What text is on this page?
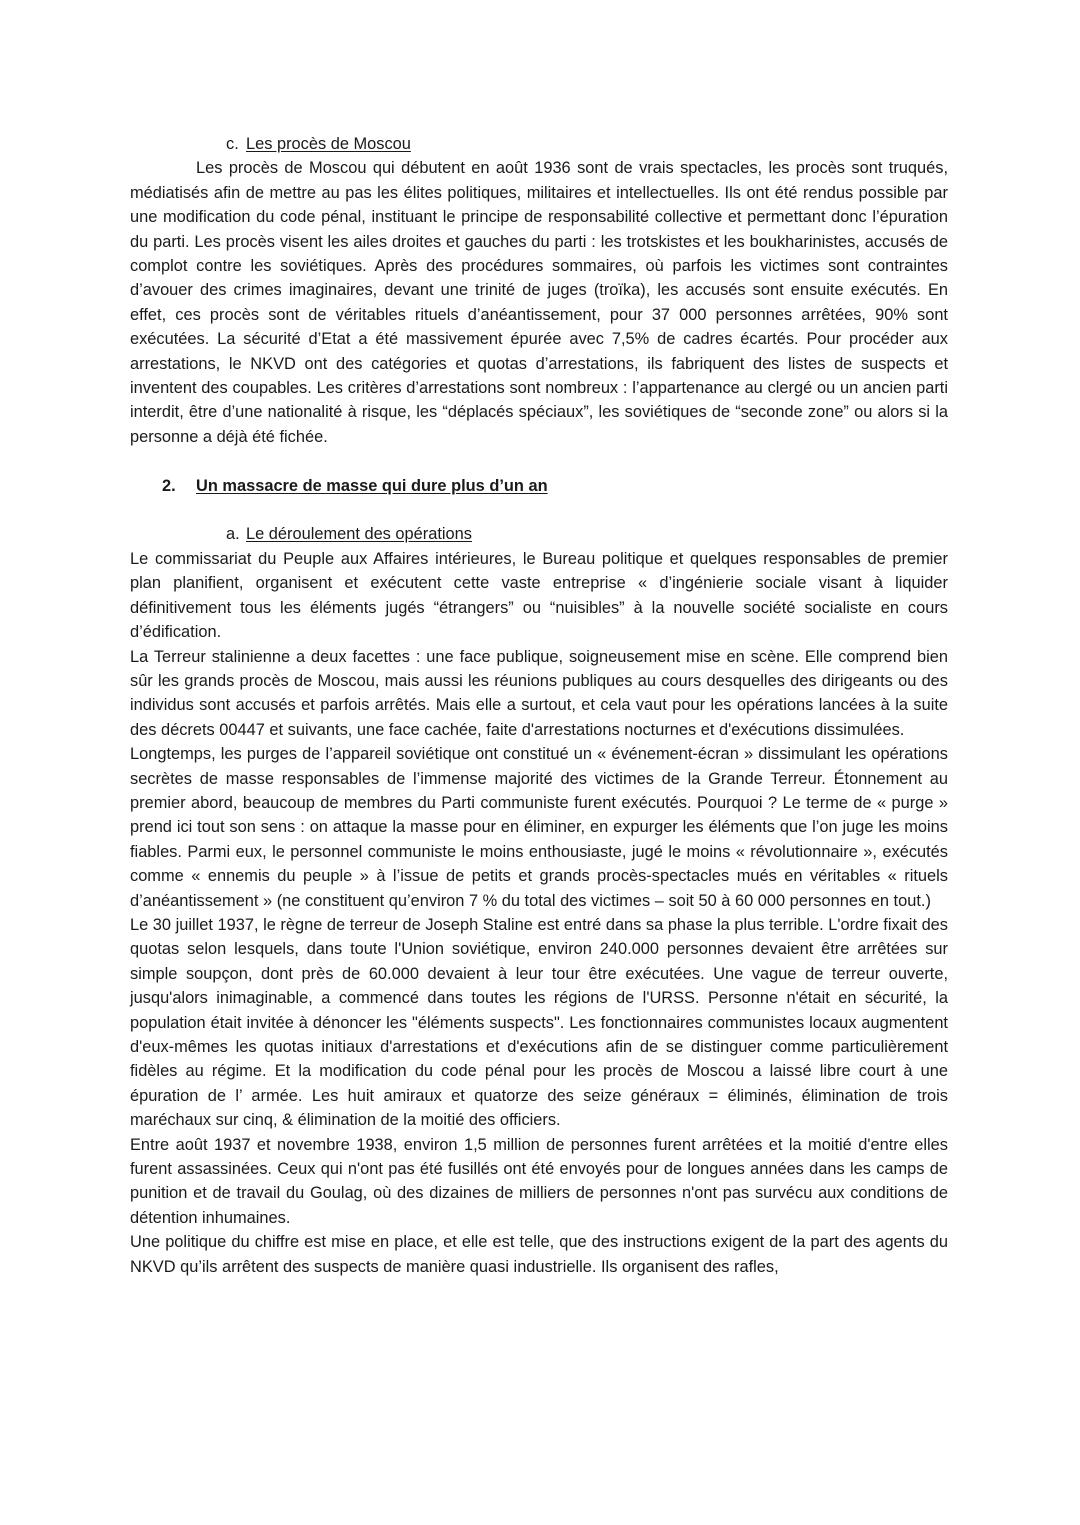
c. Les procès de Moscou

Les procès de Moscou qui débutent en août 1936 sont de vrais spectacles, les procès sont truqués, médiatisés afin de mettre au pas les élites politiques, militaires et intellectuelles. Ils ont été rendus possible par une modification du code pénal, instituant le principe de responsabilité collective et permettant donc l’épuration du parti. Les procès visent les ailes droites et gauches du parti : les trotskistes et les boukharinistes, accusés de complot contre les soviétiques. Après des procédures sommaires, où parfois les victimes sont contraintes d’avouer des crimes imaginaires, devant une trinité de juges (troïka), les accusés sont ensuite exécutés. En effet, ces procès sont de véritables rituels d’anéantissement, pour 37 000 personnes arrêtées, 90% sont exécutées. La sécurité d’Etat a été massivement épurée avec 7,5% de cadres écartés. Pour procéder aux arrestations, le NKVD ont des catégories et quotas d’arrestations, ils fabriquent des listes de suspects et inventent des coupables. Les critères d’arrestations sont nombreux : l’appartenance au clergé ou un ancien parti interdit, être d’une nationalité à risque, les “déplacés spéciaux”, les soviétiques de “seconde zone” ou alors si la personne a déjà été fichée.

2.	Un massacre de masse qui dure plus d’un an
a. Le déroulement des opérations

Le commissariat du Peuple aux Affaires intérieures, le Bureau politique et quelques responsables de premier plan planifient, organisent et exécutent cette vaste entreprise « d’ingénierie sociale visant à liquider définitivement tous les éléments jugés “étrangers” ou “nuisibles” à la nouvelle société socialiste en cours d’édification.

La Terreur stalinienne a deux facettes : une face publique, soigneusement mise en scène. Elle comprend bien sûr les grands procès de Moscou, mais aussi les réunions publiques au cours desquelles des dirigeants ou des individus sont accusés et parfois arrêtés. Mais elle a surtout, et cela vaut pour les opérations lancées à la suite des décrets 00447 et suivants, une face cachée, faite d'arrestations nocturnes et d'exécutions dissimulées.

Longtemps, les purges de l’appareil soviétique ont constitué un « événement-écran » dissimulant les opérations secrètes de masse responsables de l’immense majorité des victimes de la Grande Terreur. Étonnement au premier abord, beaucoup de membres du Parti communiste furent exécutés. Pourquoi ? Le terme de « purge » prend ici tout son sens : on attaque la masse pour en éliminer, en expurger les éléments que l’on juge les moins fiables. Parmi eux, le personnel communiste le moins enthousiaste, jugé le moins « révolutionnaire », exécutés comme « ennemis du peuple » à l’issue de petits et grands procès-spectacles mués en véritables « rituels d’anéantissement » (ne constituent qu’environ 7 % du total des victimes – soit 50 à 60 000 personnes en tout.)

Le 30 juillet 1937, le règne de terreur de Joseph Staline est entré dans sa phase la plus terrible. L'ordre fixait des quotas selon lesquels, dans toute l'Union soviétique, environ 240.000 personnes devaient être arrêtées sur simple soupçon, dont près de 60.000 devaient à leur tour être exécutées. Une vague de terreur ouverte, jusqu'alors inimaginable, a commencé dans toutes les régions de l'URSS. Personne n'était en sécurité, la population était invitée à dénoncer les "éléments suspects". Les fonctionnaires communistes locaux augmentent d'eux-mêmes les quotas initiaux d'arrestations et d'exécutions afin de se distinguer comme particulièrement fidèles au régime. Et la modification du code pénal pour les procès de Moscou a laissé libre court à une épuration de l’ armée. Les huit amiraux et quatorze des seize généraux = éliminés, élimination de trois maréchaux sur cinq, & élimination de la moitié des officiers.

Entre août 1937 et novembre 1938, environ 1,5 million de personnes furent arrêtées et la moitié d'entre elles furent assassinées. Ceux qui n'ont pas été fusillés ont été envoyés pour de longues années dans les camps de punition et de travail du Goulag, où des dizaines de milliers de personnes n'ont pas survécu aux conditions de détention inhumaines.

Une politique du chiffre est mise en place, et elle est telle, que des instructions exigent de la part des agents du NKVD qu’ils arrêtent des suspects de manière quasi industrielle. Ils organisent des rafles,
